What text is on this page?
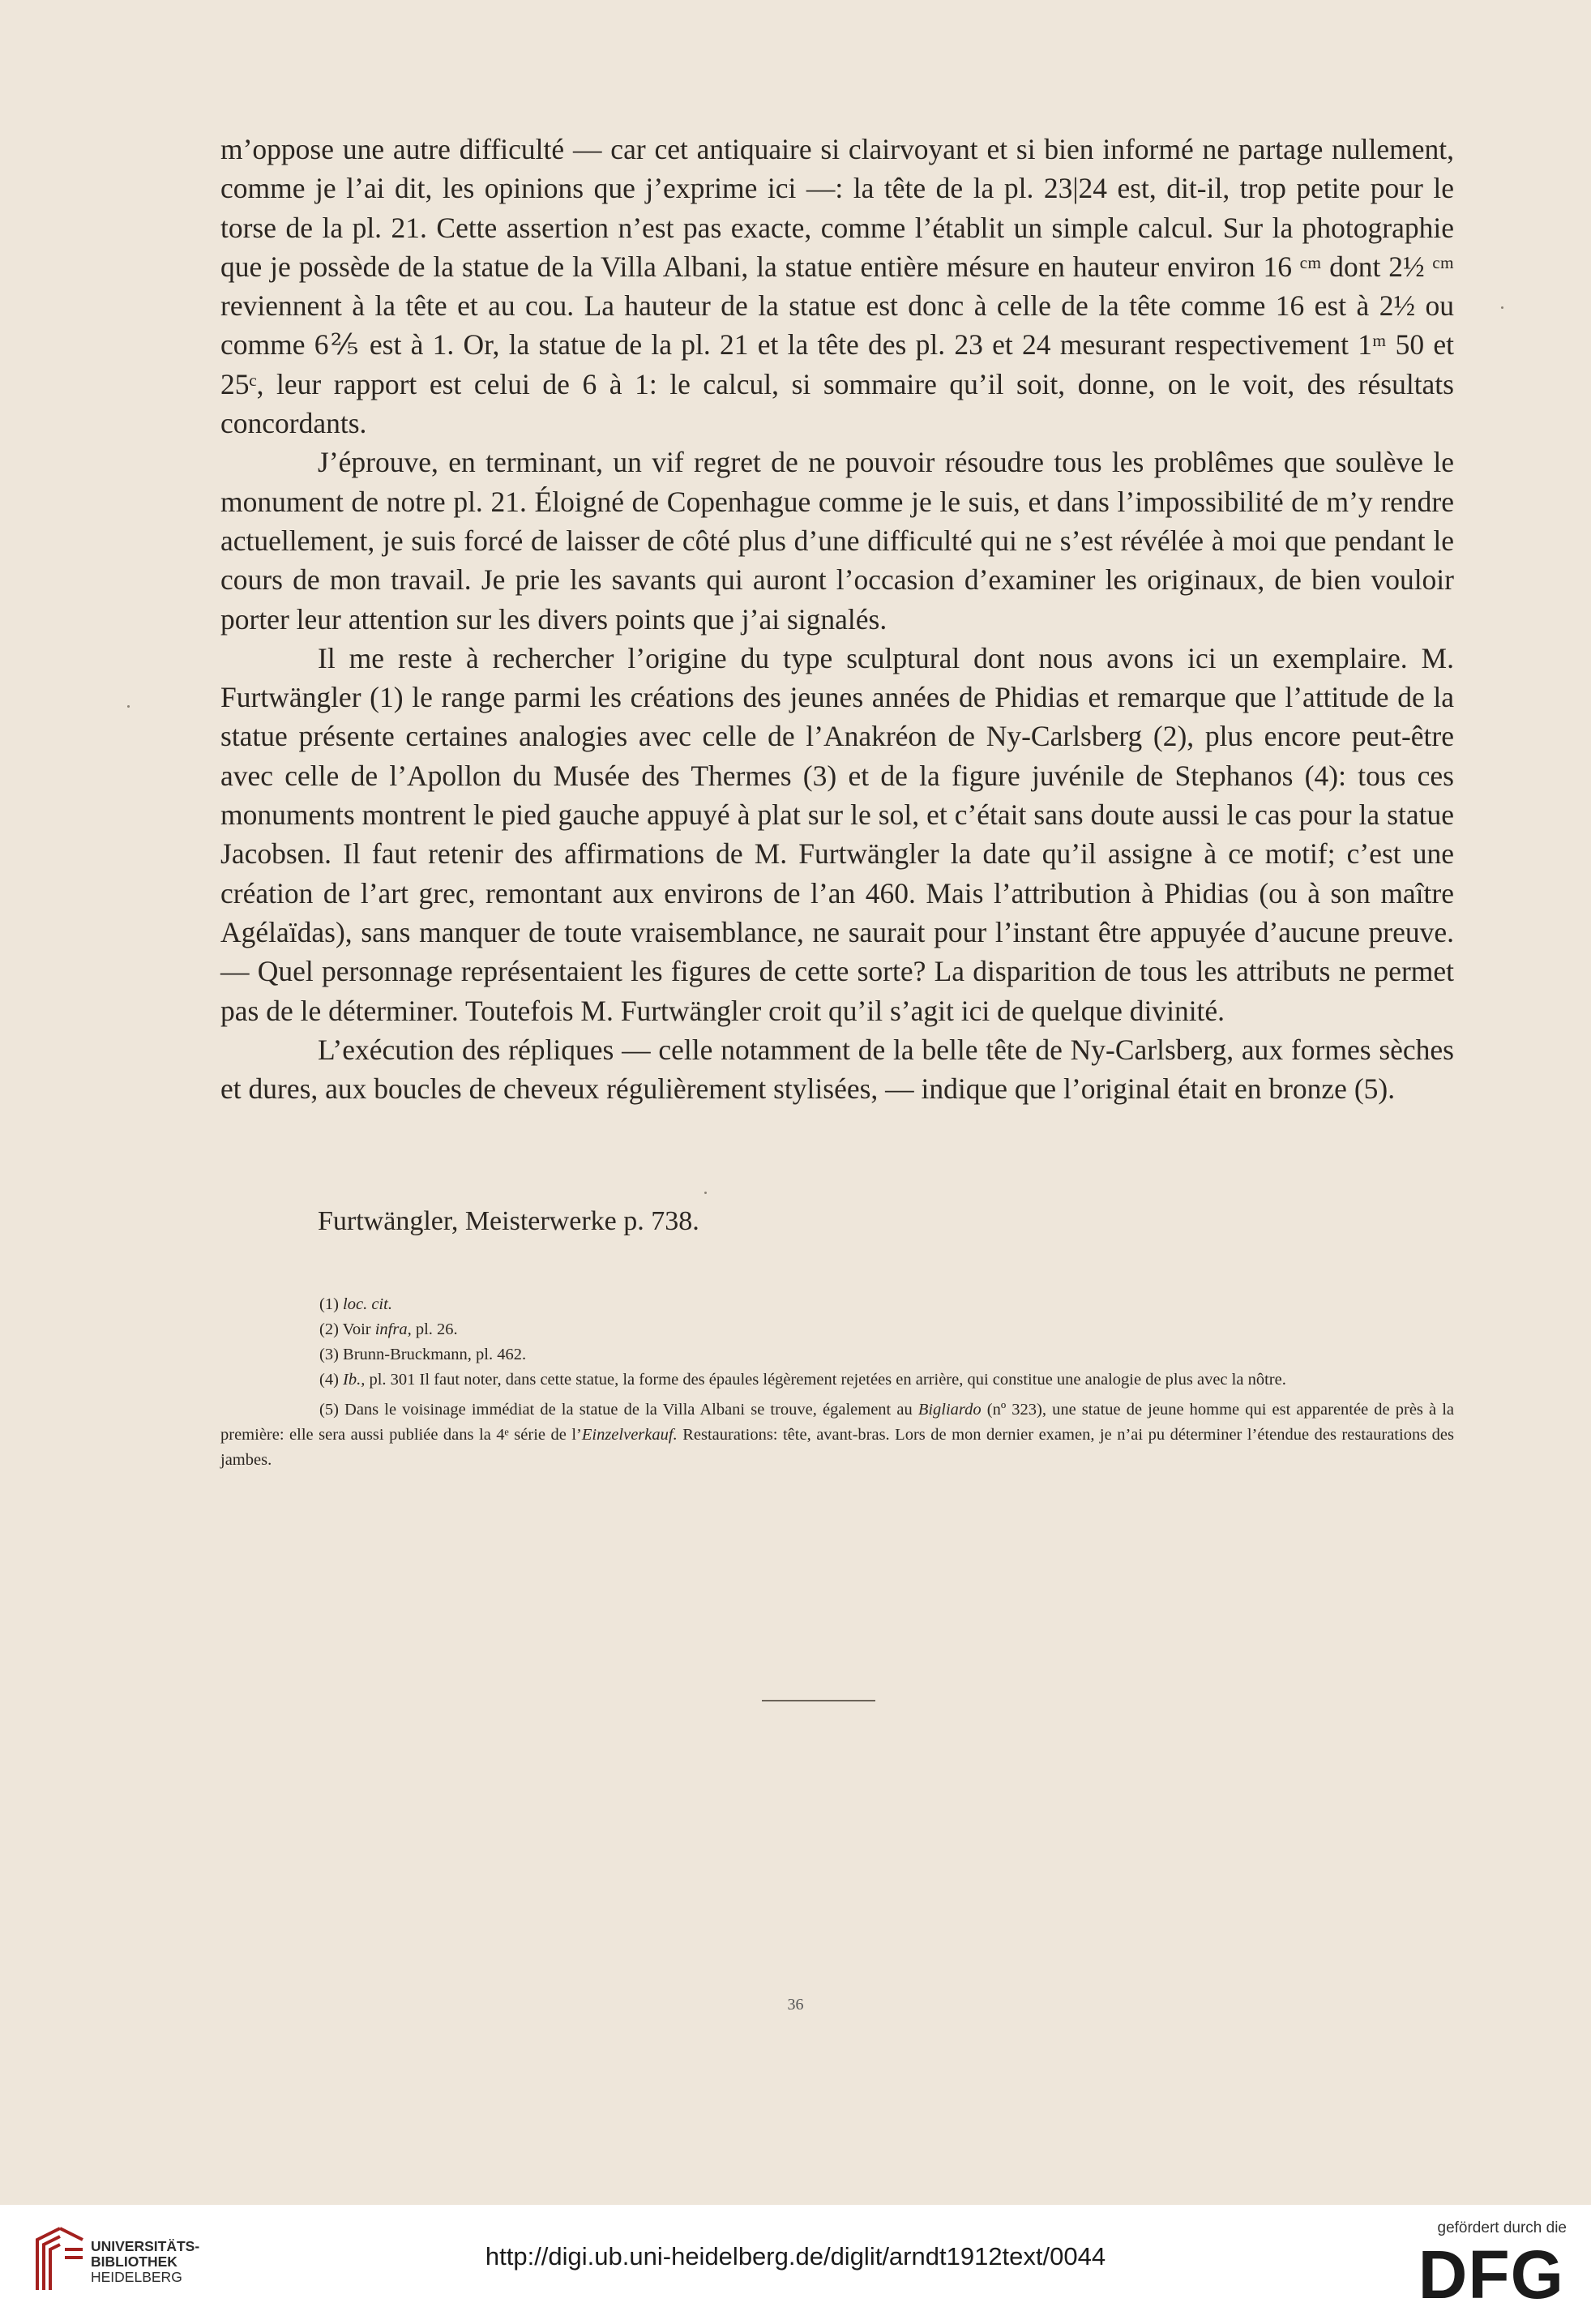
m’oppose une autre difficulté — car cet antiquaire si clairvoyant et si bien informé ne partage nullement, comme je l’ai dit, les opinions que j’exprime ici —: la tête de la pl. 23|24 est, dit-il, trop petite pour le torse de la pl. 21. Cette assertion n’est pas exacte, comme l’établit un simple calcul. Sur la photographie que je possède de la statue de la Villa Albani, la statue entière mésure en hauteur environ 16 ᶜᵐ dont 2½ ᶜᵐ reviennent à la tête et au cou. La hauteur de la statue est donc à celle de la tête comme 16 est à 2½ ou comme 6⅖ est à 1. Or, la statue de la pl. 21 et la tête des pl. 23 et 24 mesurant respectivement 1ᵐ 50 et 25ᶜ, leur rapport est celui de 6 à 1: le calcul, si sommaire qu’il soit, donne, on le voit, des résultats concordants.

J’éprouve, en terminant, un vif regret de ne pouvoir résoudre tous les problêmes que soulève le monument de notre pl. 21. Éloigné de Copenhague comme je le suis, et dans l’impossibilité de m’y rendre actuellement, je suis forcé de laisser de côté plus d’une difficulté qui ne s’est révélée à moi que pendant le cours de mon travail. Je prie les savants qui auront l’occasion d’examiner les originaux, de bien vouloir porter leur attention sur les divers points que j’ai signalés.

Il me reste à rechercher l’origine du type sculptural dont nous avons ici un exemplaire. M. Furtwängler (1) le range parmi les créations des jeunes années de Phidias et remarque que l’attitude de la statue présente certaines analogies avec celle de l’Anakréon de Ny-Carlsberg (2), plus encore peut-être avec celle de l’Apollon du Musée des Thermes (3) et de la figure juvénile de Stephanos (4): tous ces monuments montrent le pied gauche appuyé à plat sur le sol, et c’était sans doute aussi le cas pour la statue Jacobsen. Il faut retenir des affirmations de M. Furtwängler la date qu’il assigne à ce motif; c’est une création de l’art grec, remontant aux environs de l’an 460. Mais l’attribution à Phidias (ou à son maître Agélaïdas), sans manquer de toute vraisemblance, ne saurait pour l’instant être appuyée d’aucune preuve. — Quel personnage représentaient les figures de cette sorte? La disparition de tous les attributs ne permet pas de le déterminer. Toutefois M. Furtwängler croit qu’il s’agit ici de quelque divinité.

L’exécution des répliques — celle notamment de la belle tête de Ny-Carlsberg, aux formes sèches et dures, aux boucles de cheveux régulièrement stylisées, — indique que l’original était en bronze (5).

Furtwängler, Meisterwerke p. 738.

(1) loc. cit.

(2) Voir infra, pl. 26.

(3) Brunn-Bruckmann, pl. 462.

(4) Ib., pl. 301 Il faut noter, dans cette statue, la forme des épaules légèrement rejetées en arrière, qui constitue une analogie de plus avec la nôtre.

(5) Dans le voisinage immédiat de la statue de la Villa Albani se trouve, également au Bigliardo (nº 323), une statue de jeune homme qui est apparentée de près à la première: elle sera aussi publiée dans la 4ᵉ série de l’Einzelverkauf. Restaurations: tête, avant-bras. Lors de mon dernier examen, je n’ai pu déterminer l’étendue des restaurations des jambes.

36
UNIVERSITÄTS-
BIBLIOTHEK
HEIDELBERG
http://digi.ub.uni-heidelberg.de/diglit/arndt1912text/0044
gefördert durch die
DFG
